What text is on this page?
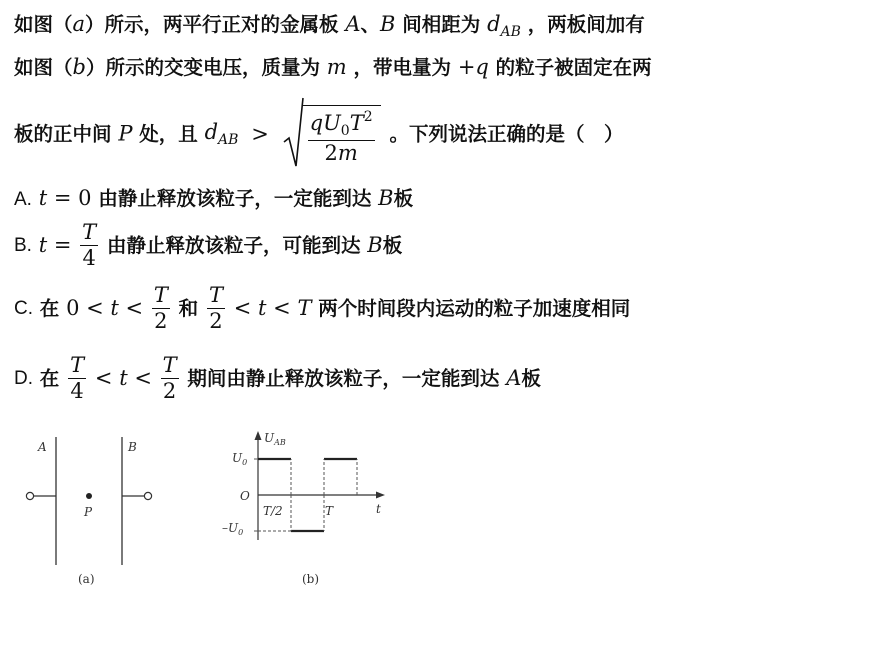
如图（a）所示，两平行正对的金属板 A、B 间相距为 $d_{AB}$ ，两板间加有
如图（b）所示的交变电压，质量为 m ，带电量为 +q 的粒子被固定在两
板的正中间 P 处，且 $d_{AB} > \frac{qU_0T^2}{2m}$ 。下列说法正确的是（　）
A. t = 0 由静止释放该粒子，一定能到达 B板
B. $t = \frac{T}{4}$ 由静止释放该粒子，可能到达 B板
C. 在 $0 < t < \frac{T}{2}$ 和 $\frac{T}{2} < t < T$ 两个时间段内运动的粒子加速度相同
D. 在 $\frac{T}{4} < t < \frac{T}{2}$ 期间由静止释放该粒子，一定能到达 A板
A	B
P
(a)
$U_{AB}$
$U_0$
$-U_0$
O
T/2	T	t
(b)
